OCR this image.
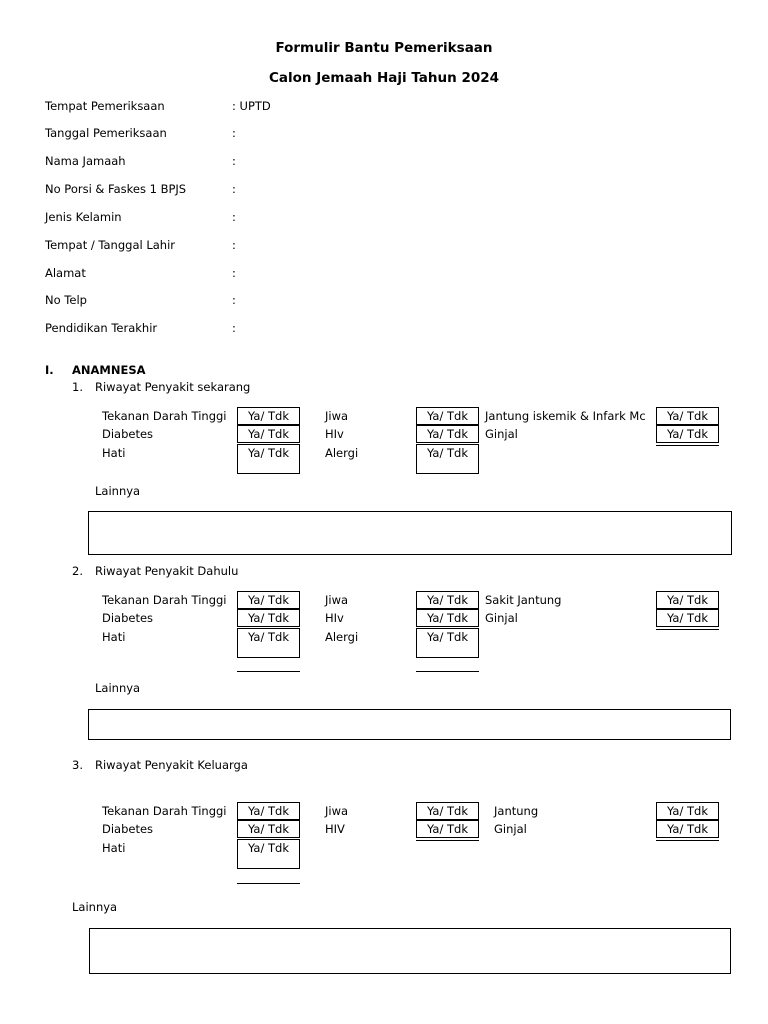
Formulir Bantu Pemeriksaan
Calon Jemaah Haji Tahun 2024
Tempat Pemeriksaan	: UPTD
Tanggal Pemeriksaan	:
Nama Jamaah	:
No Porsi & Faskes 1 BPJS	:
Jenis Kelamin	:
Tempat / Tanggal Lahir	:
Alamat	:
No Telp	:
Pendidikan Terakhir	:
I. ANAMNESA
1. Riwayat Penyakit sekarang
Tekanan Darah Tinggi	Ya/ Tdk	Jiwa	Ya/ Tdk	Jantung iskemik & Infark Mc	Ya/ Tdk
Diabetes	Ya/ Tdk	HIv	Ya/ Tdk	Ginjal	Ya/ Tdk
Hati	Ya/ Tdk	Alergi	Ya/ Tdk
Lainnya
2. Riwayat Penyakit Dahulu
Tekanan Darah Tinggi	Ya/ Tdk	Jiwa	Ya/ Tdk	Sakit Jantung	Ya/ Tdk
Diabetes	Ya/ Tdk	HIv	Ya/ Tdk	Ginjal	Ya/ Tdk
Hati	Ya/ Tdk	Alergi	Ya/ Tdk
Lainnya
3. Riwayat Penyakit Keluarga
Tekanan Darah Tinggi	Ya/ Tdk	Jiwa	Ya/ Tdk	Jantung	Ya/ Tdk
Diabetes	Ya/ Tdk	HIV	Ya/ Tdk	Ginjal	Ya/ Tdk
Hati	Ya/ Tdk
Lainnya
